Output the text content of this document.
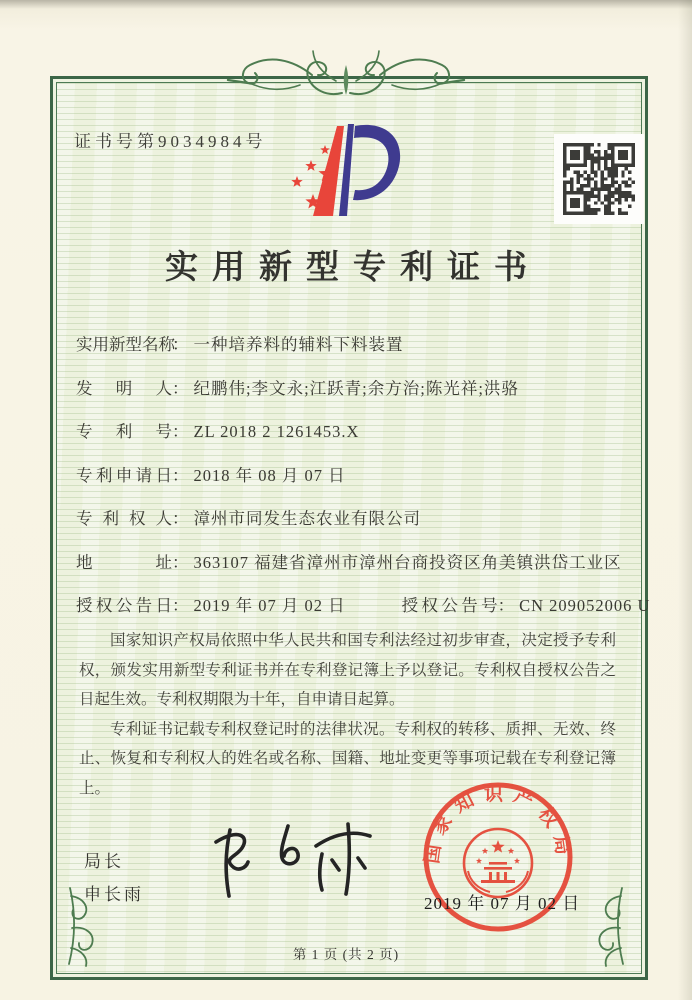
证书号第9034984号
实用新型专利证书
实用新型名称： 一种培养料的辅料下料装置
发明人： 纪鹏伟;李文永;江跃青;余方治;陈光祥;洪骆
专利号： ZL 2018 2 1261453.X
专利申请日： 2018 年 08 月 07 日
专利权人： 漳州市同发生态农业有限公司
地址： 363107 福建省漳州市漳州台商投资区角美镇洪岱工业区
授权公告日： 2019 年 07 月 02 日	授权公告号： CN 209052006 U

国家知识产权局依照中华人民共和国专利法经过初步审查，决定授予专利权，颁发实用新型专利证书并在专利登记簿上予以登记。专利权自授权公告之日起生效。专利权期限为十年，自申请日起算。

专利证书记载专利权登记时的法律状况。专利权的转移、质押、无效、终止、恢复和专利权人的姓名或名称、国籍、地址变更等事项记载在专利登记簿上。

局长
申长雨
国家知识产权局
2019 年 07 月 02 日
第 1 页 (共 2 页)
